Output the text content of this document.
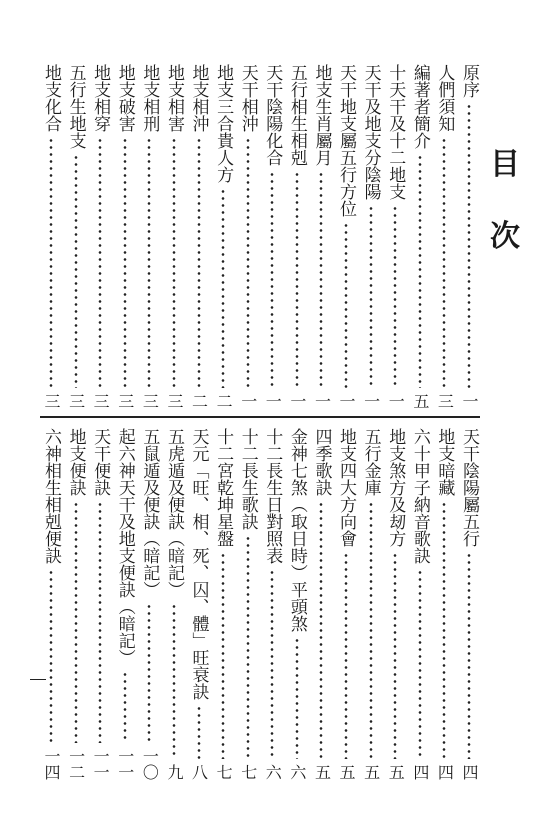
目
次
原序
一
人們須知
三
編著者簡介
五
十天干及十二地支
一
天干及地支分陰陽
一
天干地支屬五行方位
一
地支生肖屬月
一
五行相生相剋
一
天干陰陽化合
一
天干相沖
一
地支三合貴人方
二
地支相沖
二
地支相害
三
地支相刑
三
地支破害
三
地支相穿
三
五行生地支
三
地支化合
三
天干陰陽屬五行
四
地支暗藏
四
六十甲子納音歌訣
四
地支煞方及刼方
五
五行金庫
五
地支四大方向會
五
四季歌訣
五
金神七煞（取日時）平頭煞
六
十二長生日對照表
六
十二長生歌訣
七
十二宮乾坤星盤
七
天元「旺、相、死、囚、體」旺衰訣
八
五虎遁及便訣（暗記）
九
五鼠遁及便訣（暗記）
一〇
起六神天干及地支便訣（暗記）
一一
天干便訣
一一
地支便訣
一二
六神相生相剋便訣
一四
